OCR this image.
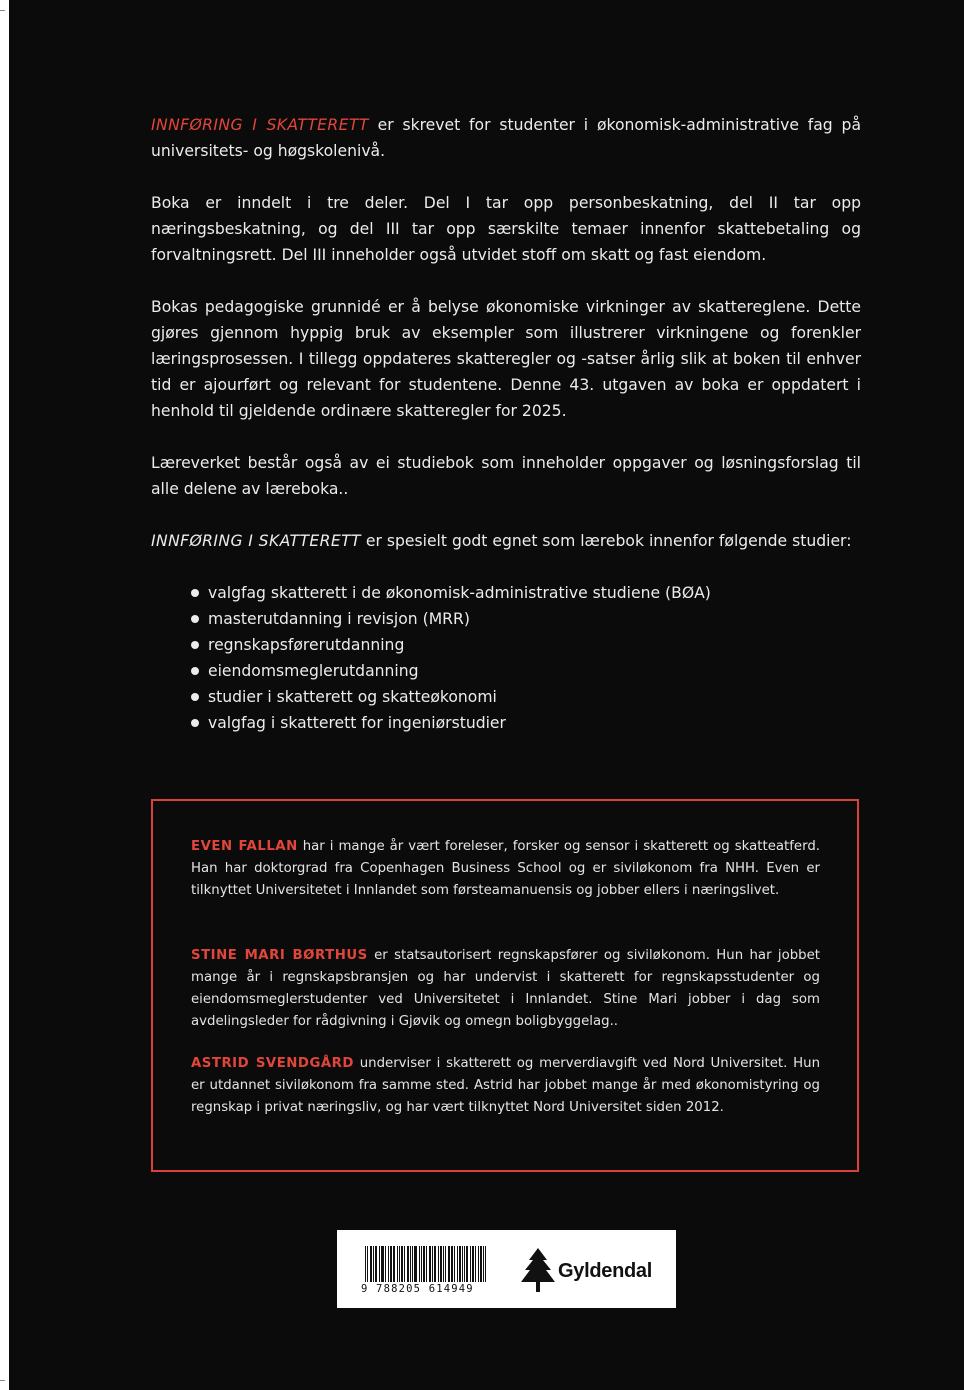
INNFØRING I SKATTERETT er skrevet for studenter i økonomisk-administrative fag på universitets- og høgskolenivå.

Boka er inndelt i tre deler. Del I tar opp personbeskatning, del II tar opp næringsbeskatning, og del III tar opp særskilte temaer innenfor skattebetaling og forvaltningsrett. Del III inneholder også utvidet stoff om skatt og fast eiendom.

Bokas pedagogiske grunnidé er å belyse økonomiske virkninger av skattereglene. Dette gjøres gjennom hyppig bruk av eksempler som illustrerer virkningene og forenkler læringsprosessen. I tillegg oppdateres skatteregler og -satser årlig slik at boken til enhver tid er ajourført og relevant for studentene. Denne 43. utgaven av boka er oppdatert i henhold til gjeldende ordinære skatteregler for 2025.

Læreverket består også av ei studiebok som inneholder oppgaver og løsningsforslag til alle delene av læreboka..

INNFØRING I SKATTERETT er spesielt godt egnet som lærebok innenfor følgende studier:

valgfag skatterett i de økonomisk-administrative studiene (BØA)
masterutdanning i revisjon (MRR)
regnskapsførerutdanning
eiendomsmeglerutdanning
studier i skatterett og skatteøkonomi
valgfag i skatterett for ingeniørstudier

EVEN FALLAN har i mange år vært foreleser, forsker og sensor i skatterett og skatteatferd. Han har doktorgrad fra Copenhagen Business School og er siviløkonom fra NHH. Even er tilknyttet Universitetet i Innlandet som førsteamanuensis og jobber ellers i næringslivet.

STINE MARI BØRTHUS er statsautorisert regnskapsfører og siviløkonom. Hun har jobbet mange år i regnskapsbransjen og har undervist i skatterett for regnskapsstudenter og eiendomsmeglerstudenter ved Universitetet i Innlandet. Stine Mari jobber i dag som avdelingsleder for rådgivning i Gjøvik og omegn boligbyggelag..

ASTRID SVENDGÅRD underviser i skatterett og merverdiavgift ved Nord Universitet. Hun er utdannet siviløkonom fra samme sted. Astrid har jobbet mange år med økonomistyring og regnskap i privat næringsliv, og har vært tilknyttet Nord Universitet siden 2012.

9 788205 614949
Gyldendal
